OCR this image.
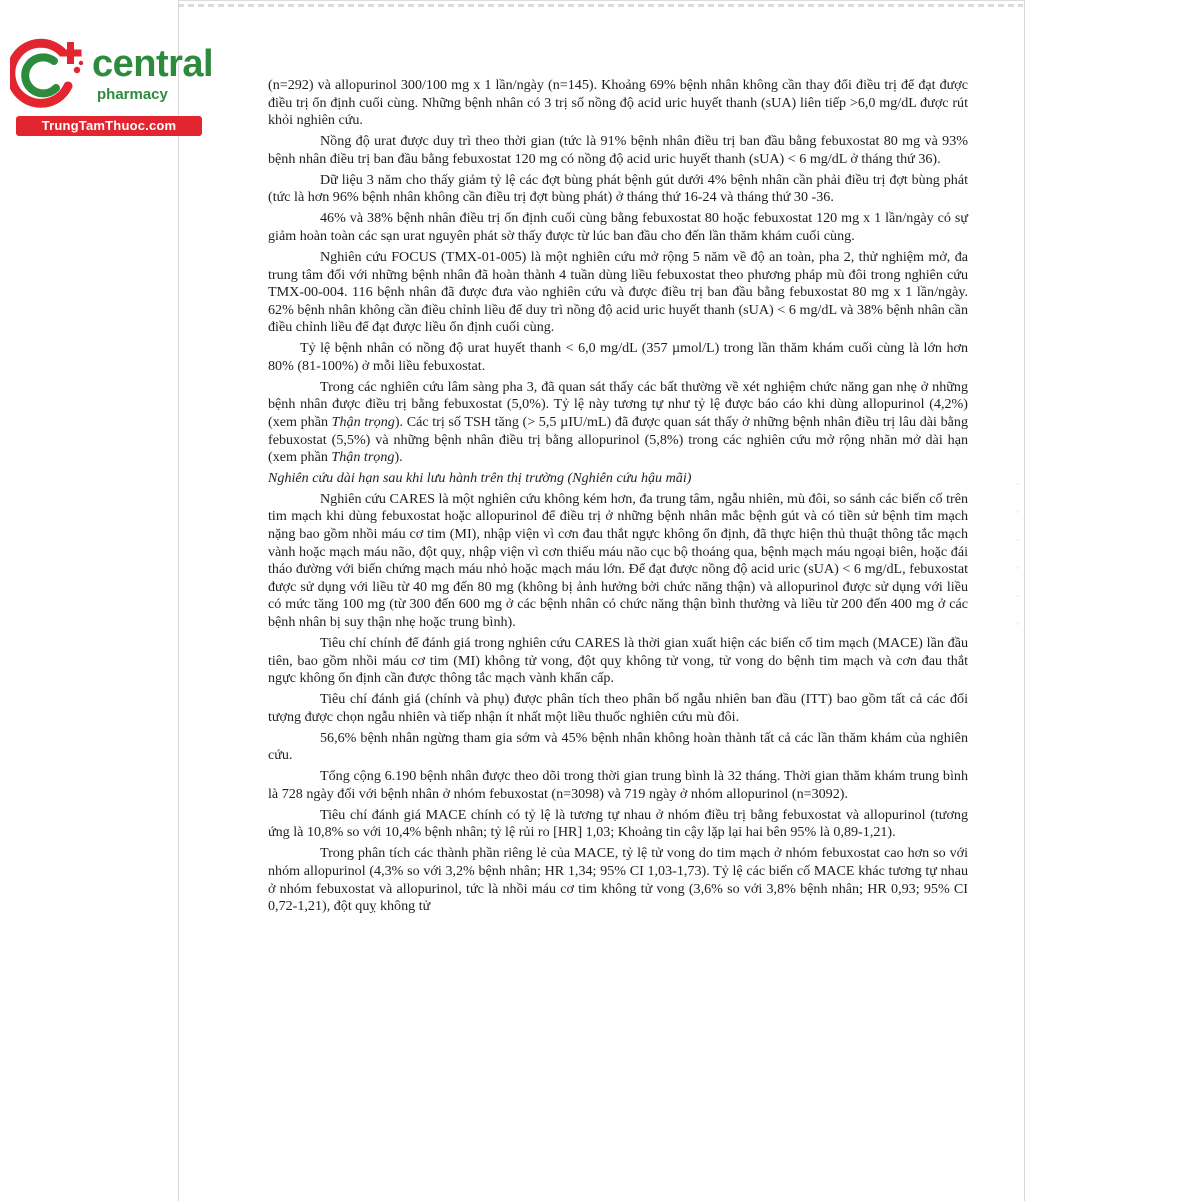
·
·
·
·
·
·
central
pharmacy
TrungTamThuoc.com

(n=292) và allopurinol 300/100 mg x 1 lần/ngày (n=145). Khoảng 69% bệnh nhân không cần thay đổi điều trị để đạt được điều trị ổn định cuối cùng. Những bệnh nhân có 3 trị số nồng độ acid uric huyết thanh (sUA) liên tiếp >6,0 mg/dL được rút khỏi nghiên cứu.

Nồng độ urat được duy trì theo thời gian (tức là 91% bệnh nhân điều trị ban đầu bằng febuxostat 80 mg và 93% bệnh nhân điều trị ban đầu bằng febuxostat 120 mg có nồng độ acid uric huyết thanh (sUA) < 6 mg/dL ở tháng thứ 36).

Dữ liệu 3 năm cho thấy giảm tỷ lệ các đợt bùng phát bệnh gút dưới 4% bệnh nhân cần phải điều trị đợt bùng phát (tức là hơn 96% bệnh nhân không cần điều trị đợt bùng phát) ở tháng thứ 16-24 và tháng thứ 30 -36.

46% và 38% bệnh nhân điều trị ổn định cuối cùng bằng febuxostat 80 hoặc febuxostat 120 mg x 1 lần/ngày có sự giảm hoàn toàn các sạn urat nguyên phát sờ thấy được từ lúc ban đầu cho đến lần thăm khám cuối cùng.

Nghiên cứu FOCUS (TMX-01-005) là một nghiên cứu mở rộng 5 năm về độ an toàn, pha 2, thử nghiệm mở, đa trung tâm đối với những bệnh nhân đã hoàn thành 4 tuần dùng liều febuxostat theo phương pháp mù đôi trong nghiên cứu TMX-00-004. 116 bệnh nhân đã được đưa vào nghiên cứu và được điều trị ban đầu bằng febuxostat 80 mg x 1 lần/ngày. 62% bệnh nhân không cần điều chỉnh liều để duy trì nồng độ acid uric huyết thanh (sUA) < 6 mg/dL và 38% bệnh nhân cần điều chỉnh liều để đạt được liều ổn định cuối cùng.

Tỷ lệ bệnh nhân có nồng độ urat huyết thanh < 6,0 mg/dL (357 µmol/L) trong lần thăm khám cuối cùng là lớn hơn 80% (81-100%) ở mỗi liều febuxostat.

Trong các nghiên cứu lâm sàng pha 3, đã quan sát thấy các bất thường về xét nghiệm chức năng gan nhẹ ở những bệnh nhân được điều trị bằng febuxostat (5,0%). Tỷ lệ này tương tự như tỷ lệ được báo cáo khi dùng allopurinol (4,2%) (xem phần Thận trọng). Các trị số TSH tăng (> 5,5 µIU/mL) đã được quan sát thấy ở những bệnh nhân điều trị lâu dài bằng febuxostat (5,5%) và những bệnh nhân điều trị bằng allopurinol (5,8%) trong các nghiên cứu mở rộng nhãn mở dài hạn (xem phần Thận trọng).

Nghiên cứu dài hạn sau khi lưu hành trên thị trường (Nghiên cứu hậu mãi)

Nghiên cứu CARES là một nghiên cứu không kém hơn, đa trung tâm, ngẫu nhiên, mù đôi, so sánh các biến cố trên tim mạch khi dùng febuxostat hoặc allopurinol để điều trị ở những bệnh nhân mắc bệnh gút và có tiền sử bệnh tim mạch nặng bao gồm nhồi máu cơ tim (MI), nhập viện vì cơn đau thắt ngực không ổn định, đã thực hiện thủ thuật thông tắc mạch vành hoặc mạch máu não, đột quỵ, nhập viện vì cơn thiếu máu não cục bộ thoáng qua, bệnh mạch máu ngoại biên, hoặc đái tháo đường với biến chứng mạch máu nhỏ hoặc mạch máu lớn. Để đạt được nồng độ acid uric (sUA) < 6 mg/dL, febuxostat được sử dụng với liều từ 40 mg đến 80 mg (không bị ảnh hưởng bởi chức năng thận) và allopurinol được sử dụng với liều có mức tăng 100 mg (từ 300 đến 600 mg ở các bệnh nhân có chức năng thận bình thường và liều từ 200 đến 400 mg ở các bệnh nhân bị suy thận nhẹ hoặc trung bình).

Tiêu chí chính để đánh giá trong nghiên cứu CARES là thời gian xuất hiện các biến cố tim mạch (MACE) lần đầu tiên, bao gồm nhồi máu cơ tim (MI) không tử vong, đột quỵ không tử vong, tử vong do bệnh tim mạch và cơn đau thắt ngực không ổn định cần được thông tắc mạch vành khẩn cấp.

Tiêu chí đánh giá (chính và phụ) được phân tích theo phân bố ngẫu nhiên ban đầu (ITT) bao gồm tất cả các đối tượng được chọn ngẫu nhiên và tiếp nhận ít nhất một liều thuốc nghiên cứu mù đôi.

56,6% bệnh nhân ngừng tham gia sớm và 45% bệnh nhân không hoàn thành tất cả các lần thăm khám của nghiên cứu.

Tổng cộng 6.190 bệnh nhân được theo dõi trong thời gian trung bình là 32 tháng. Thời gian thăm khám trung bình là 728 ngày đối với bệnh nhân ở nhóm febuxostat (n=3098) và 719 ngày ở nhóm allopurinol (n=3092).

Tiêu chí đánh giá MACE chính có tỷ lệ là tương tự nhau ở nhóm điều trị bằng febuxostat và allopurinol (tương ứng là 10,8% so với 10,4% bệnh nhân; tỷ lệ rủi ro [HR] 1,03; Khoảng tin cậy lặp lại hai bên 95% là 0,89-1,21).

Trong phân tích các thành phần riêng lẻ của MACE, tỷ lệ tử vong do tim mạch ở nhóm febuxostat cao hơn so với nhóm allopurinol (4,3% so với 3,2% bệnh nhân; HR 1,34; 95% CI 1,03-1,73). Tỷ lệ các biến cố MACE khác tương tự nhau ở nhóm febuxostat và allopurinol, tức là nhồi máu cơ tim không tử vong (3,6% so với 3,8% bệnh nhân; HR 0,93; 95% CI 0,72-1,21), đột quỵ không tử
